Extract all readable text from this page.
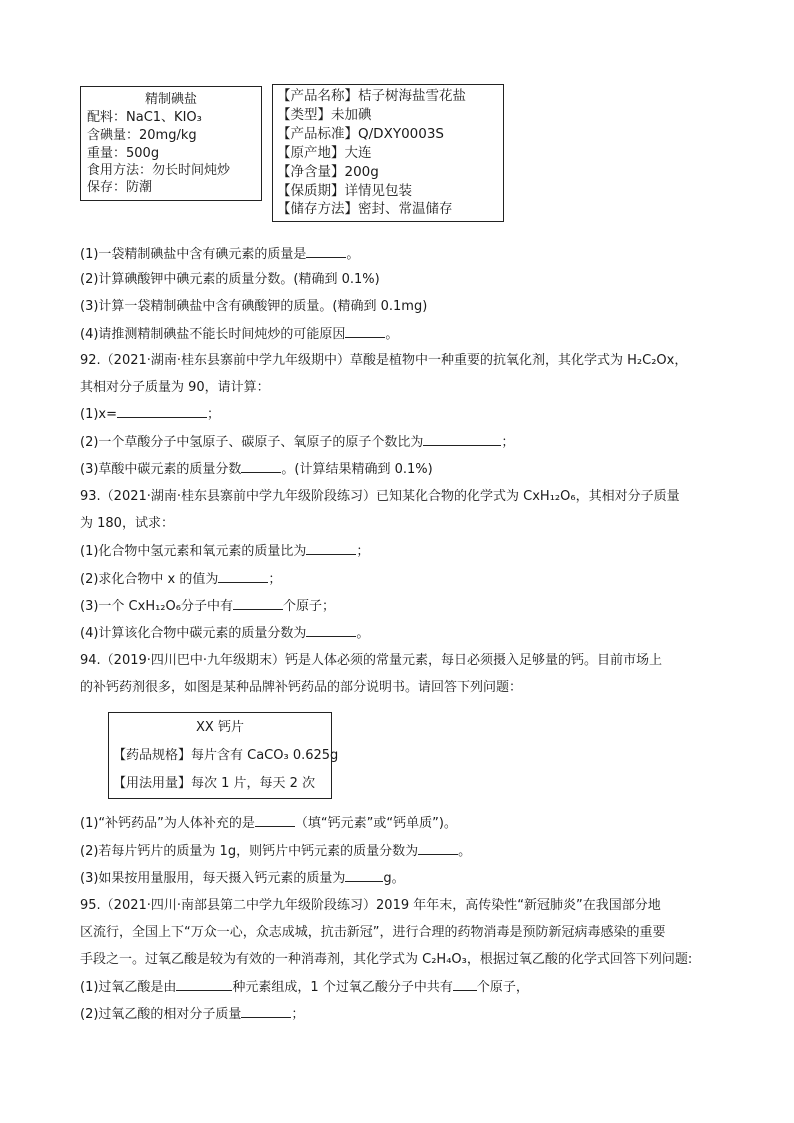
精制碘盐
配料：NaC1、KIO₃
含碘量：20mg/kg
重量：500g
食用方法：勿长时间炖炒
保存：防潮
【产品名称】桔子树海盐雪花盐
【类型】未加碘
【产品标准】Q/DXY0003S
【原产地】大连
【净含量】200g
【保质期】详情见包装
【储存方法】密封、常温储存
(1)一袋精制碘盐中含有碘元素的质量是	。
(2)计算碘酸钾中碘元素的质量分数。(精确到 0.1%)
(3)计算一袋精制碘盐中含有碘酸钾的质量。(精确到 0.1mg)
(4)请推测精制碘盐不能长时间炖炒的可能原因	。
92.（2021·湖南·桂东县寨前中学九年级期中）草酸是植物中一种重要的抗氧化剂，其化学式为 H₂C₂Ox，
其相对分子质量为 90，请计算：
(1)x=	；
(2)一个草酸分子中氢原子、碳原子、氧原子的原子个数比为	；
(3)草酸中碳元素的质量分数	。(计算结果精确到 0.1%)
93.（2021·湖南·桂东县寨前中学九年级阶段练习）已知某化合物的化学式为 CxH₁₂O₆，其相对分子质量
为 180，试求：
(1)化合物中氢元素和氧元素的质量比为	；
(2)求化合物中 x 的值为	；
(3)一个 CxH₁₂O₆分子中有	个原子；
(4)计算该化合物中碳元素的质量分数为	。
94.（2019·四川巴中·九年级期末）钙是人体必须的常量元素，每日必须摄入足够量的钙。目前市场上
的补钙药剂很多，如图是某种品牌补钙药品的部分说明书。请回答下列问题：
XX 钙片
【药品规格】每片含有 CaCO₃ 0.625g
【用法用量】每次 1 片，每天 2 次
(1)“补钙药品”为人体补充的是	（填“钙元素”或“钙单质”)。
(2)若每片钙片的质量为 1g，则钙片中钙元素的质量分数为	。
(3)如果按用量服用，每天摄入钙元素的质量为	g。
95.（2021·四川·南部县第二中学九年级阶段练习）2019 年年末，高传染性“新冠肺炎”在我国部分地
区流行，全国上下“万众一心，众志成城，抗击新冠”，进行合理的药物消毒是预防新冠病毒感染的重要
手段之一。过氧乙酸是较为有效的一种消毒剂，其化学式为 C₂H₄O₃，根据过氧乙酸的化学式回答下列问题:
(1)过氧乙酸是由	种元素组成，1 个过氧乙酸分子中共有 个原子，
(2)过氧乙酸的相对分子质量	；
